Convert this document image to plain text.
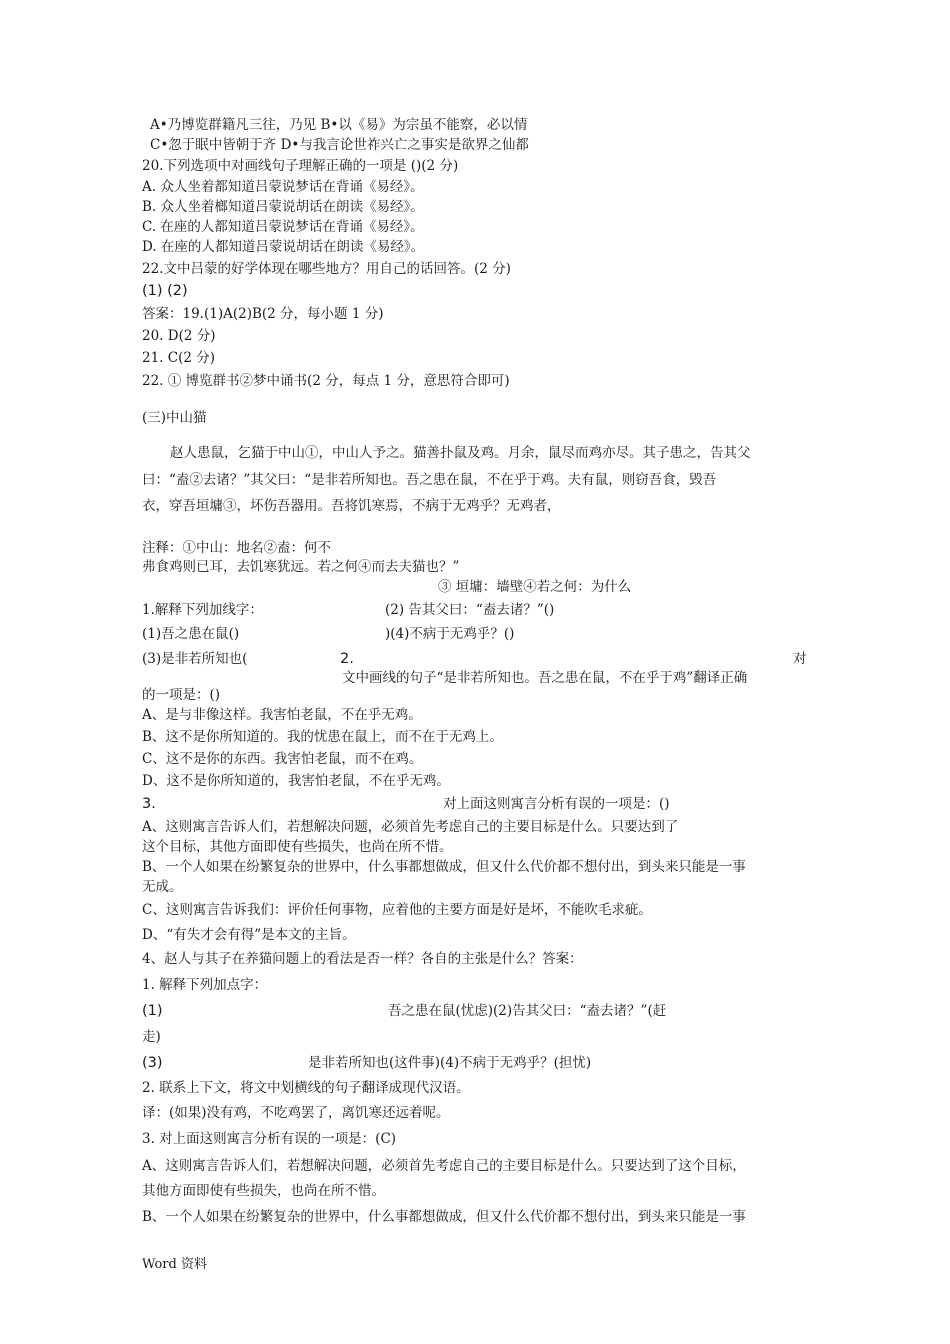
A•乃博览群籍凡三往，乃见 B•以《易》为宗虽不能察，必以情
C•忽于眠中皆朝于齐 D•与我言论世祚兴亡之事实是欲界之仙都
20.下列选项中对画线句子理解正确的一项是 ()(2 分)
A. 众人坐着都知道吕蒙说梦话在背诵《易经》。
B. 众人坐着榔知道吕蒙说胡话在朗读《易经》。
C. 在座的人都知道吕蒙说梦话在背诵《易经》。
D. 在座的人都知道吕蒙说胡话在朗读《易经》。
22.文中吕蒙的好学体现在哪些地方？用自己的话回答。(2 分)
(1) (2)
答案：19.(1)A(2)B(2 分，每小题 1 分)
20. D(2 分)
21. C(2 分)
22. ① 博览群书②梦中诵书(2 分，每点 1 分，意思符合即可)
(三)中山猫
赵人患鼠，乞猫于中山①，中山人予之。猫善扑鼠及鸡。月余，鼠尽而鸡亦尽。其子患之，告其父
曰：“盍②去诸？”其父曰：“是非若所知也。吾之患在鼠，不在乎于鸡。夫有鼠，则窃吾食，毁吾
衣，穿吾垣墉③，坏伤吾器用。吾将饥寒焉，不病于无鸡乎？无鸡者，
注释：①中山：地名②盍：何不
弗食鸡则已耳，去饥寒犹远。若之何④而去夫猫也？”
③ 垣墉：墙壁④若之何：为什么
1.解释下列加线字：	(2) 告其父曰：“盍去诸？”()
(1)吾之患在鼠()	)(4)不病于无鸡乎？()
(3)是非若所知也(	2.	对
文中画线的句子“是非若所知也。吾之患在鼠，不在乎于鸡”翻译正确
的一项是：()
A、是与非像这样。我害怕老鼠，不在乎无鸡。
B、这不是你所知道的。我的忧患在鼠上，而不在于无鸡上。
C、这不是你的东西。我害怕老鼠，而不在鸡。
D、这不是你所知道的，我害怕老鼠，不在乎无鸡。
3.	对上面这则寓言分析有误的一项是：()
A、这则寓言告诉人们，若想解决问题，必须首先考虑自己的主要目标是什么。只要达到了
这个目标，其他方面即使有些损失，也尚在所不惜。
B、一个人如果在纷繁复杂的世界中，什么事都想做成，但又什么代价都不想付出，到头来只能是一事
无成。
C、这则寓言告诉我们：评价任何事物，应着他的主要方面是好是坏，不能吹毛求疵。
D、“有失才会有得”是本文的主旨。
4、赵人与其子在养猫问题上的看法是否一样？各自的主张是什么？答案：
1. 解释下列加点字：
(1)	吾之患在鼠(忧虑)(2)告其父曰：“盍去诸？”(赶
走)
(3)	是非若所知也(这件事)(4)不病于无鸡乎？(担忧)
2. 联系上下文，将文中划横线的句子翻译成现代汉语。
译：(如果)没有鸡，不吃鸡罢了，离饥寒还远着呢。
3. 对上面这则寓言分析有误的一项是：(C)
A、这则寓言告诉人们，若想解决问题，必须首先考虑自己的主要目标是什么。只要达到了这个目标，
其他方面即使有些损失，也尚在所不惜。
B、一个人如果在纷繁复杂的世界中，什么事都想做成，但又什么代价都不想付出，到头来只能是一事
Word 资料
